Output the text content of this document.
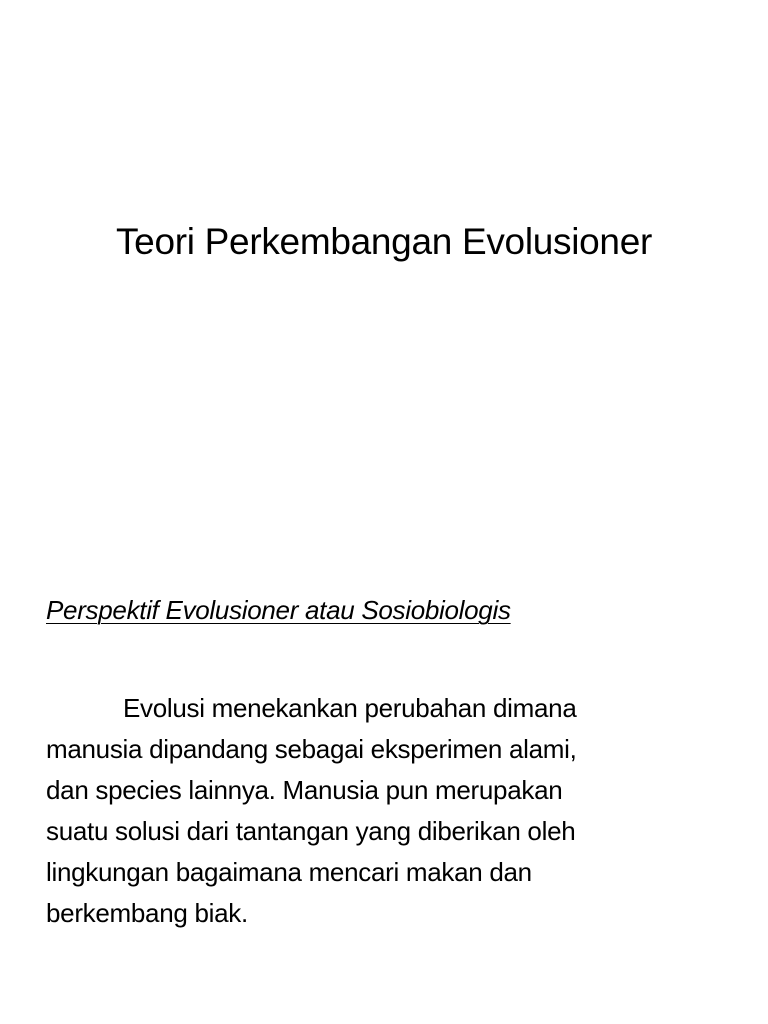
Teori Perkembangan Evolusioner
Perspektif Evolusioner atau Sosiobiologis

Evolusi menekankan perubahan dimana
manusia dipandang sebagai eksperimen alami,
dan species lainnya. Manusia pun merupakan
suatu solusi dari tantangan yang diberikan oleh
lingkungan bagaimana mencari makan dan
berkembang biak.
